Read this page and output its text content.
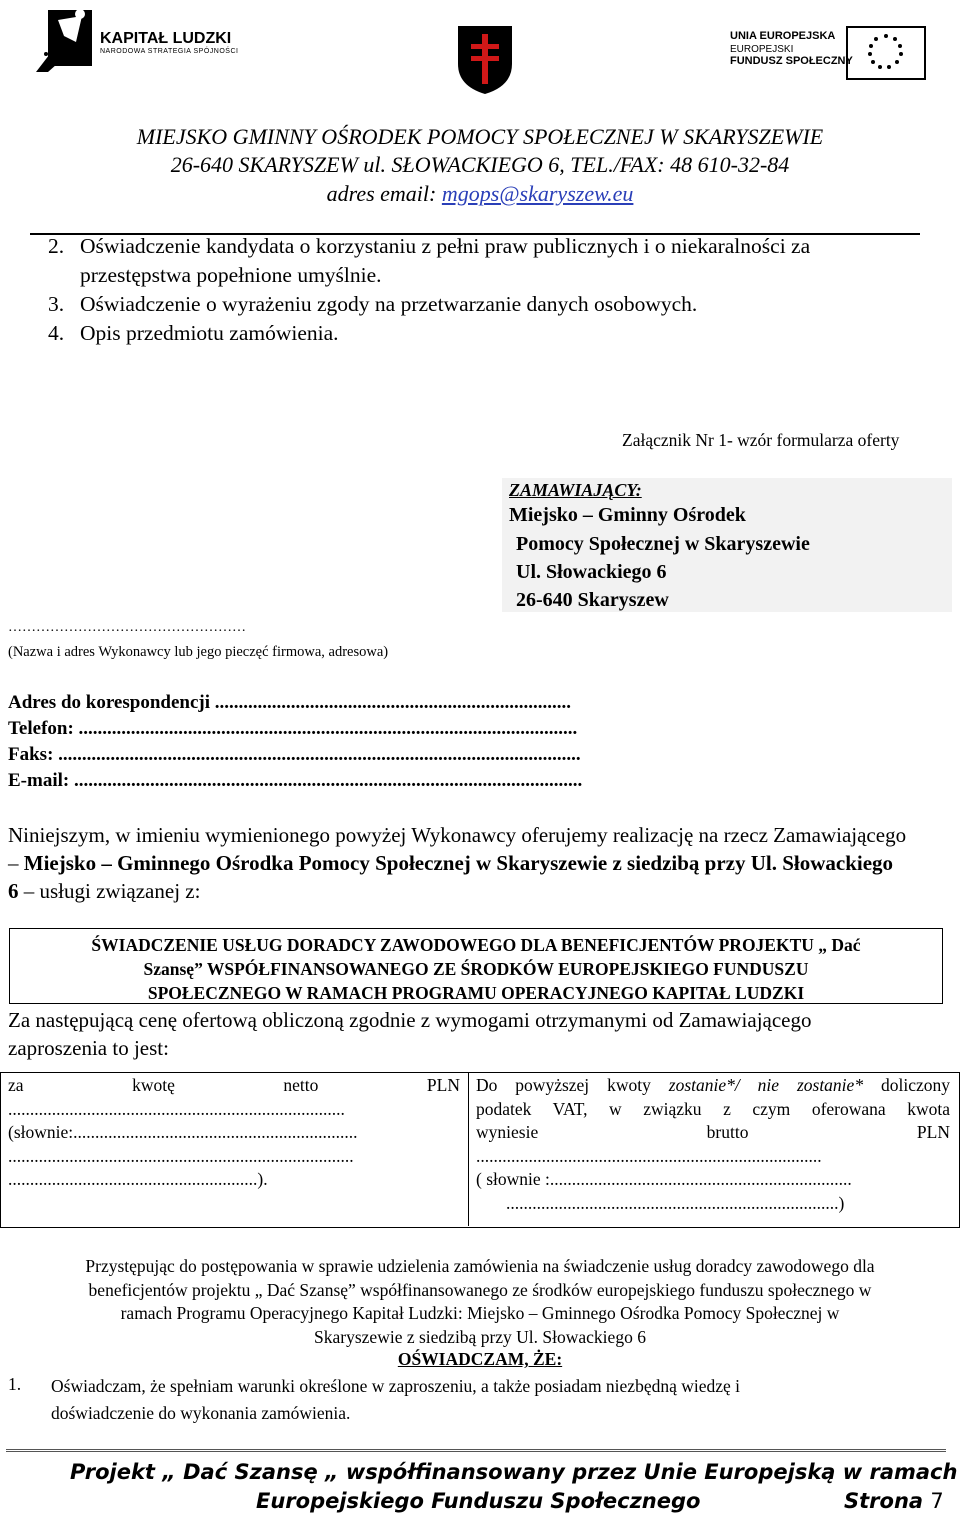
KAPITAŁ LUDZKI
NARODOWA STRATEGIA SPÓJNOŚCI
UNIA EUROPEJSKA
EUROPEJSKI
FUNDUSZ SPOŁECZNY
MIEJSKO GMINNY OŚRODEK POMOCY SPOŁECZNEJ W SKARYSZEWIE
26-640 SKARYSZEW ul. SŁOWACKIEGO 6, TEL./FAX: 48 610-32-84
adres email: mgops@skaryszew.eu
2. Oświadczenie kandydata o korzystaniu z pełni praw publicznych i o niekaralności za
przestępstwa popełnione umyślnie.
3. Oświadczenie o wyrażeniu zgody na przetwarzanie danych osobowych.
4. Opis przedmiotu zamówienia.
Załącznik Nr 1- wzór formularza oferty
ZAMAWIAJĄCY:
Miejsko – Gminny Ośrodek
Pomocy Społecznej w Skaryszewie
Ul. Słowackiego 6
26-640 Skaryszew
……………………………………………
(Nazwa i adres Wykonawcy lub jego pieczęć firmowa, adresowa)
Adres do korespondencji ...........................................................................
Telefon: .........................................................................................................
Faks: ..............................................................................................................
E-mail: ...........................................................................................................
Niniejszym, w imieniu wymienionego powyżej Wykonawcy oferujemy realizację na rzecz Zamawiającego – Miejsko – Gminnego Ośrodka Pomocy Społecznej w Skaryszewie z siedzibą przy Ul. Słowackiego 6 – usługi związanej z:
ŚWIADCZENIE USŁUG DORADCY ZAWODOWEGO DLA BENEFICJENTÓW PROJEKTU „ Dać
Szansę” WSPÓŁFINANSOWANEGO ZE ŚRODKÓW EUROPEJSKIEGO FUNDUSZU
SPOŁECZNEGO W RAMACH PROGRAMU OPERACYJNEGO KAPITAŁ LUDZKI
Za następującą cenę ofertową obliczoną zgodnie z wymogami otrzymanymi od Zamawiającego
zaproszenia to jest:
za kwotę netto PLN
.............................................................................
(słownie:.................................................................
...............................................................................
.........................................................).
Do powyższej kwoty zostanie*/ nie zostanie* doliczony
podatek VAT, w związku z czym oferowana kwota
wyniesie brutto PLN
...............................................................................
( słownie :.....................................................................
............................................................................)
Przystępując do postępowania w sprawie udzielenia zamówienia na świadczenie usług doradcy zawodowego dla
beneficjentów projektu „ Dać Szansę” współfinansowanego ze środków europejskiego funduszu społecznego w
ramach Programu Operacyjnego Kapitał Ludzki: Miejsko – Gminnego Ośrodka Pomocy Społecznej w
Skaryszewie z siedzibą przy Ul. Słowackiego 6
OŚWIADCZAM, ŻE:
1. Oświadczam, że spełniam warunki określone w zaproszeniu, a także posiadam niezbędną wiedzę i
doświadczenie do wykonania zamówienia.
Projekt „ Dać Szansę „ współfinansowany przez Unie Europejską w ramach
Europejskiego Funduszu Społecznego	Strona 7
